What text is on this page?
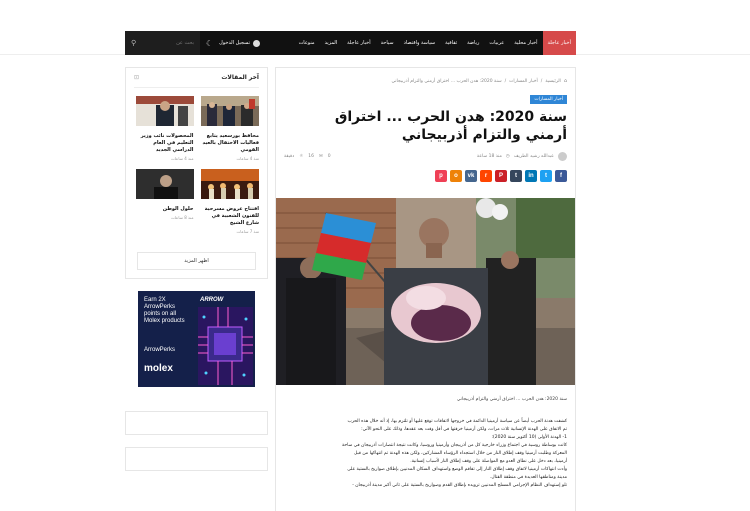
أخبار عاجلة
أخبار محلية
عربيات
رياضة
ثقافية
سياسة واقتصاد
سياحة
أخبار عاجلة
المزيد
منوعات
⚲
بحث عن	☾ تسجيل الدخول
آخر المقالات
⊡
محافظ بورسعيد يتابع فعاليات الاحتفال بالعيد القومي
منذ 4 ساعات
المحصولات نائب وزير التعليم في العام الدراسي الجديد
منذ 4 ساعات
افتتاح عروض مسرحية للفنون الشعبية في شارع الشيخ
منذ 7 ساعات
حلول الوطن
منذ 8 ساعات
اظهر المزيد
Earn 2X ArrowPerks points on all Molex products
ARROW
ArrowPerks
molex
⌂
الرئيسية
/
أخبار المسارات
/
سنة 2020: هدن الحرب ... اختراق أرمني والتزام أذربيجاني
أخبار المسارات
سنة 2020: هدن الحرب ... اختراق أرمني والتزام أذربيجاني
عبدالله رشيد الطريف
◷
منذ 18 ساعة
دقيقة ☼ 16 ✉ 0
f
t
in
t
P
r
vk
o
p
سنة 2020: هدن الحرب ... اختراق أرمني والتزام أذربيجاني

كشفت هدنة الحرب أيضاً عن سياسة أرمينيا الدائمة في خروجها لاتفاقات توقع عليها أو تلتزم بها، إذ أنه خلال هذه الحرب

تم الاتفاق على الهدنة الإنسانية ثلاث مرات، ولكن أرمينيا خرقتها في أقل وقت بعد عقدها، وذلك على النحو الآتي:

1- الهدنة الأولى (10 أكتوبر سنة 2020):

كانت بوساطة روسية في اجتماع وزراء خارجية كل من أذربيجان وأرمينيا وروسيا، وكانت نتيجة انتصارات أذربيجان في ساحة

المعركة وطلبت أرمينيا وقف إطلاق النار من خلال استجداء الرؤساء المشاركين، ولكن هذه الهدنة تم انتهاكها من قبل

أرمينيا، بعد دخل على نطاق العدو مع المواصلة على وقف إطلاق النار لأسباب إنسانية.

وأدت انتهاكات أرمينيا لاتفاق وقف إطلاق النار إلى تفاقم الوضع واستهداف السكان المدنيين بإطلاق صواريخ بالستية على

مدينة ومناطقها العديدة في منطقة القتال.

تلو إستهداف النظام الإجرامي المسلح المدنيين تزويده بإطلاق القدم وصواريخ بالستية على ثاني أكبر مدينة أذربيجان -
